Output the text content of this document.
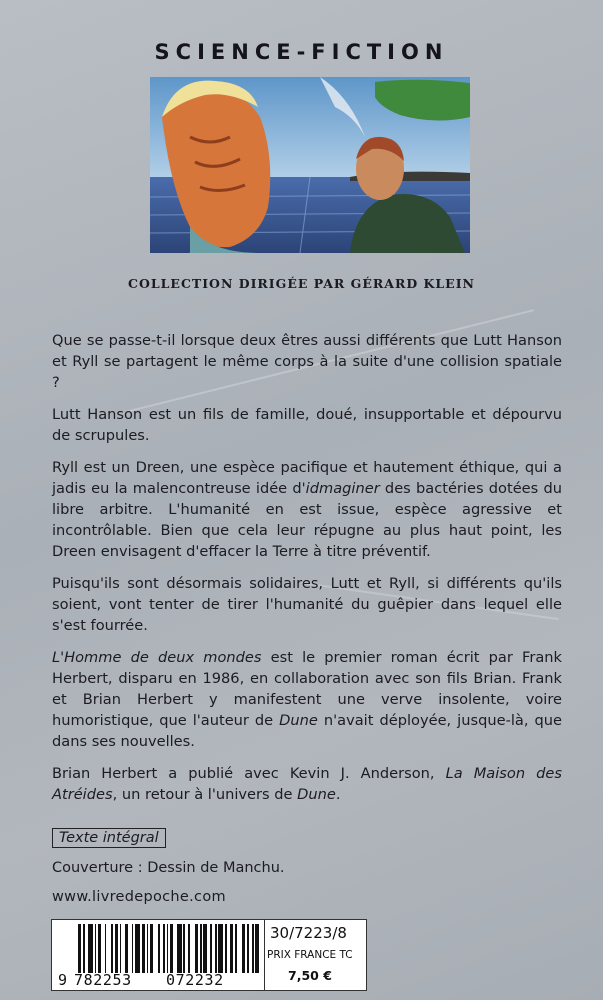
SCIENCE-FICTION
COLLECTION DIRIGÉE PAR GÉRARD KLEIN

Que se passe-t-il lorsque deux êtres aussi différents que Lutt Hanson et Ryll se partagent le même corps à la suite d'une collision spatiale ?

Lutt Hanson est un fils de famille, doué, insupportable et dépourvu de scrupules.

Ryll est un Dreen, une espèce pacifique et hautement éthique, qui a jadis eu la malencontreuse idée d'idmaginer des bactéries dotées du libre arbitre. L'humanité en est issue, espèce agressive et incontrôlable. Bien que cela leur répugne au plus haut point, les Dreen envisagent d'effacer la Terre à titre préventif.

Puisqu'ils sont désormais solidaires, Lutt et Ryll, si différents qu'ils soient, vont tenter de tirer l'humanité du guêpier dans lequel elle s'est fourrée.

L'Homme de deux mondes est le premier roman écrit par Frank Herbert, disparu en 1986, en collaboration avec son fils Brian. Frank et Brian Herbert y manifestent une verve insolente, voire humoristique, que l'auteur de Dune n'avait déployée, jusque-là, que dans ses nouvelles.

Brian Herbert a publié avec Kevin J. Anderson, La Maison des Atréides, un retour à l'univers de Dune.

Texte intégral
Couverture : Dessin de Manchu.
www.livredepoche.com
9 782253 072232
30/7223/8
PRIX FRANCE TC
7,50 €
